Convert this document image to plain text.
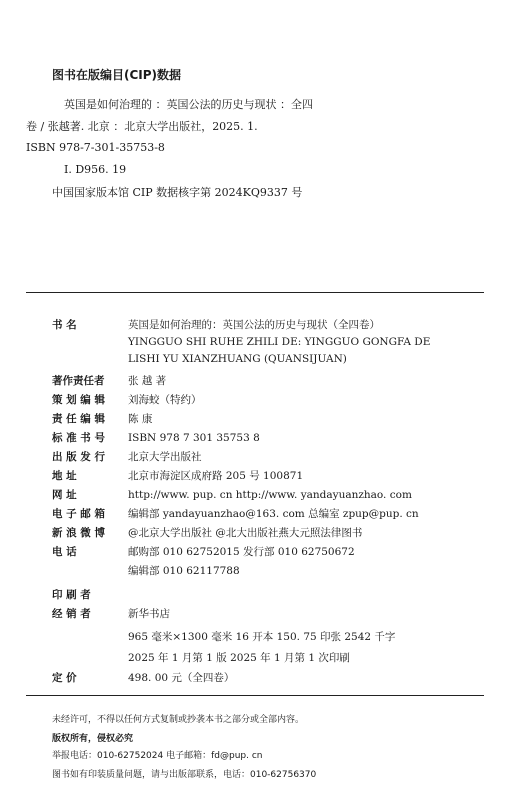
图书在版编目(CIP)数据
英国是如何治理的 ：英国公法的历史与现状 ：全四
卷 / 张越著. 北京 ：北京大学出版社，2025. 1.
ISBN 978-7-301-35753-8
Ⅰ. D956. 19
中国国家版本馆 CIP 数据核字第 2024KQ9337 号
书 名	英国是如何治理的：英国公法的历史与现状（全四卷）
YINGGUO SHI RUHE ZHILI DE: YINGGUO GONGFA DE
LISHI YU XIANZHUANG (QUANSIJUAN)
著作责任者	张 越 著
策 划 编 辑	刘海蛟（特约）
责 任 编 辑	陈 康
标 准 书 号	ISBN 978 7 301 35753 8
出 版 发 行	北京大学出版社
地 址	北京市海淀区成府路 205 号 100871
网 址	http://www. pup. cn http://www. yandayuanzhao. com
电 子 邮 箱	编辑部 yandayuanzhao@163. com 总编室 zpup@pup. cn
新 浪 微 博	@北京大学出版社 @北大出版社燕大元照法律图书
电 话	邮购部 010 62752015 发行部 010 62750672
编辑部 010 62117788
印 刷 者
经 销 者	新华书店
965 毫米×1300 毫米 16 开本 150. 75 印张 2542 千字
2025 年 1 月第 1 版 2025 年 1 月第 1 次印刷
定 价	498. 00 元（全四卷）
未经许可，不得以任何方式复制或抄袭本书之部分或全部内容。
版权所有，侵权必究
举报电话：010-62752024 电子邮箱：fd@pup. cn
图书如有印装质量问题，请与出版部联系，电话：010-62756370
